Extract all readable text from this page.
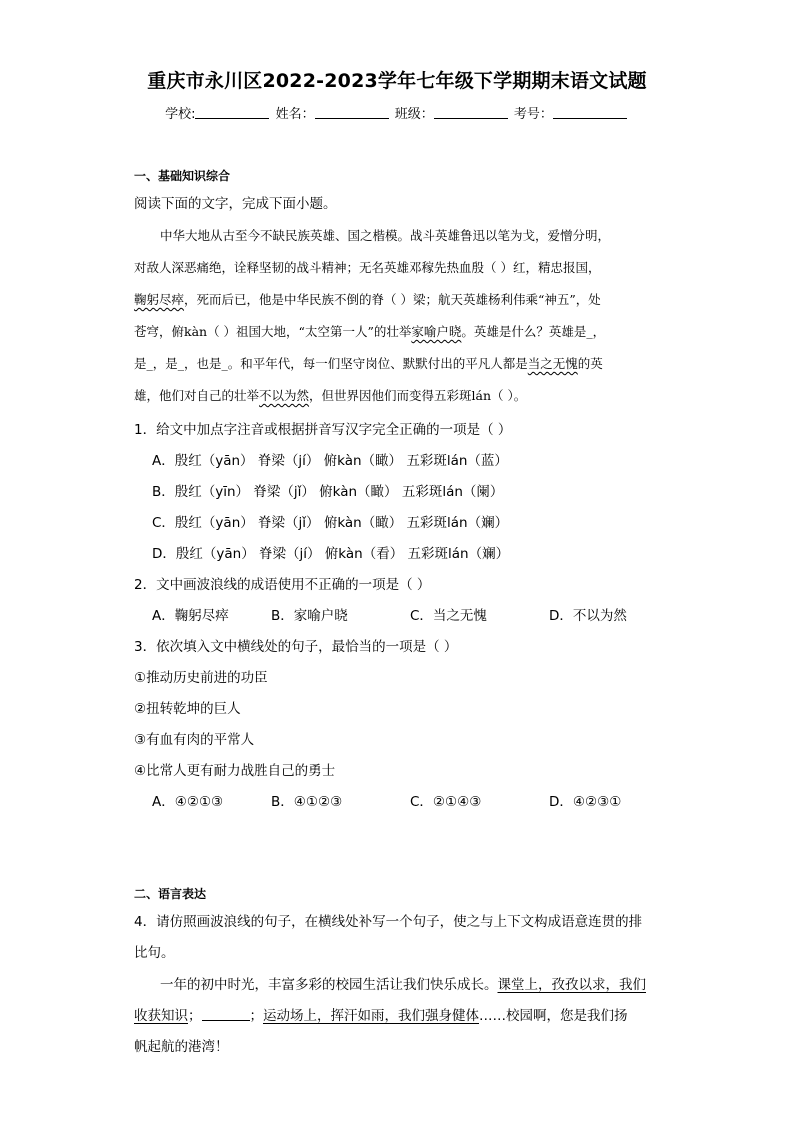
重庆市永川区2022-2023学年七年级下学期期末语文试题
学校:	姓名：	班级：	考号：
一、基础知识综合
阅读下面的文字，完成下面小题。
中华大地从古至今不缺民族英雄、国之楷模。战斗英雄鲁迅以笔为戈，爱憎分明，
对敌人深恶痛绝，诠释坚韧的战斗精神；无名英雄邓稼先热血殷（ ）红，精忠报国，
鞠躬尽瘁，死而后已，他是中华民族不倒的脊（ ）梁；航天英雄杨利伟乘“神五”，处
苍穹，俯kàn（ ）祖国大地，“太空第一人”的壮举家喻户晓。英雄是什么？英雄是_，
是_，是_，也是_。和平年代，每一们坚守岗位、默默付出的平凡人都是当之无愧的英
雄，他们对自己的壮举不以为然，但世界因他们而变得五彩斑lán（ ）。
1．给文中加点字注音或根据拼音写汉字完全正确的一项是（ ）
A．殷红（yān） 脊梁（jí） 俯kàn（瞰） 五彩斑lán（蓝）
B．殷红（yīn） 脊梁（jǐ） 俯kàn（瞰） 五彩斑lán（阑）
C．殷红（yān） 脊梁（jǐ） 俯kàn（瞰） 五彩斑lán（斓）
D．殷红（yān） 脊梁（jí） 俯kàn（看） 五彩斑lán（斓）
2．文中画波浪线的成语使用不正确的一项是（ ）
A．鞠躬尽瘁	B．家喻户晓	C．当之无愧	D．不以为然
3．依次填入文中横线处的句子，最恰当的一项是（ ）
①推动历史前进的功臣
②扭转乾坤的巨人
③有血有肉的平常人
④比常人更有耐力战胜自己的勇士
A．④②①③	B．④①②③	C．②①④③	D．④②③①
二、语言表达
4．请仿照画波浪线的句子，在横线处补写一个句子，使之与上下文构成语意连贯的排
比句。
一年的初中时光，丰富多彩的校园生活让我们快乐成长。课堂上，孜孜以求，我们
收获知识；	；运动场上，挥汗如雨，我们强身健体……校园啊，您是我们扬
帆起航的港湾！
